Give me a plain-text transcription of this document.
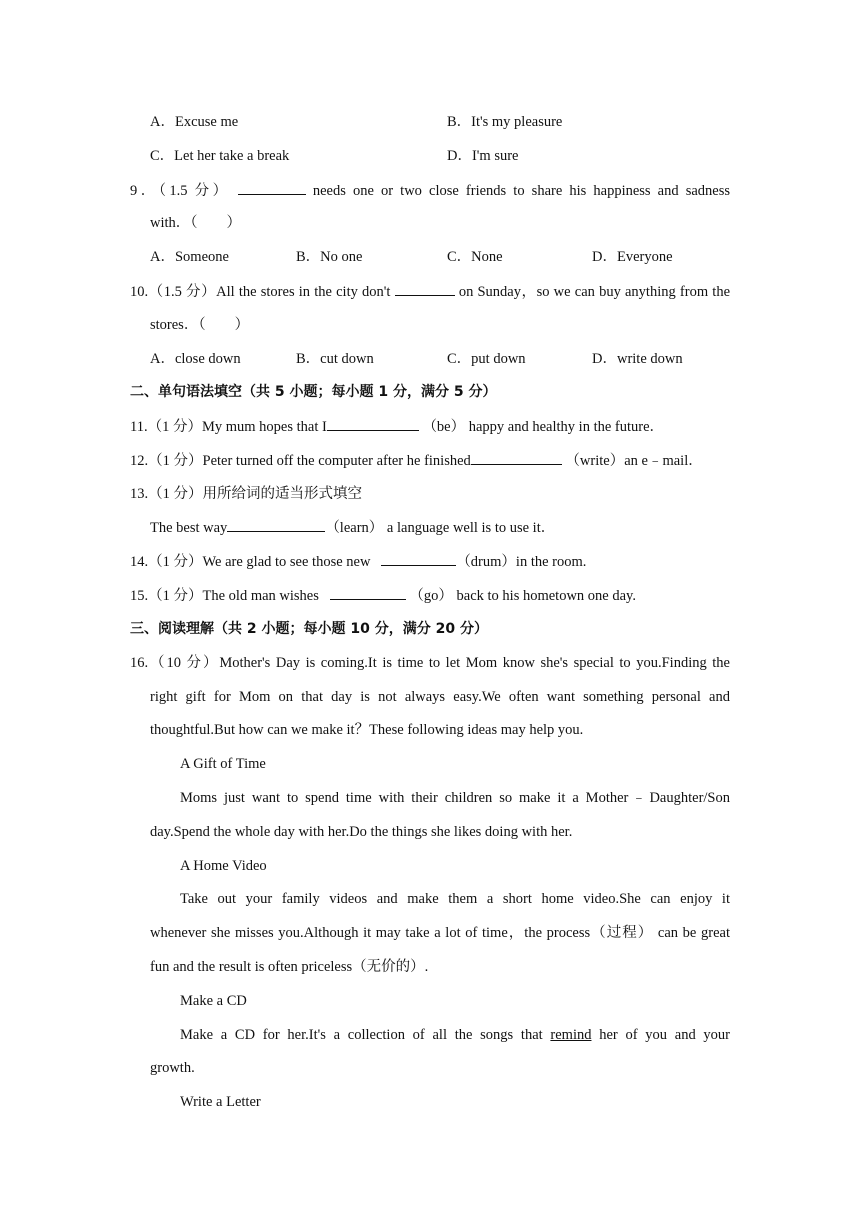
A．Excuse me	B．It's my pleasure
C．Let her take a break	D．I'm sure
9．（1.5 分）	needs one or two close friends to share his happiness and sadness
with．（　　）
A．Someone	B．No one	C．None	D．Everyone
10.（1.5 分）All the stores in the city don't	on Sunday，so we can buy anything from the
stores．（　　）
A．close down	B．cut down	C．put down	D．write down
二、单句语法填空（共 5 小题；每小题 1 分，满分 5 分）
11.（1 分）My mum hopes that I	（be） happy and healthy in the future．
12.（1 分）Peter turned off the computer after he finished	（write）an e﹣mail．
13.（1 分）用所给词的适当形式填空
The best way	（learn） a language well is to use it．
14.（1 分）We are glad to see those new	（drum）in the room.
15.（1 分）The old man wishes	（go） back to his hometown one day.
三、阅读理解（共 2 小题；每小题 10 分，满分 20 分）
16.（10 分）Mother's Day is coming.It is time to let Mom know she's special to you.Finding the
right gift for Mom on that day is not always easy.We often want something personal and
thoughtful.But how can we make it？These following ideas may help you.
A Gift of Time
Moms just want to spend time with their children so make it a Mother﹣Daughter/Son
day.Spend the whole day with her.Do the things she likes doing with her.
A Home Video
Take out your family videos and make them a short home video.She can enjoy it
whenever she misses you.Although it may take a lot of time，the process（过程） can be great
fun and the result is often priceless（无价的）.
Make a CD
Make a CD for her.It's a collection of all the songs that remind her of you and your
growth.
Write a Letter
